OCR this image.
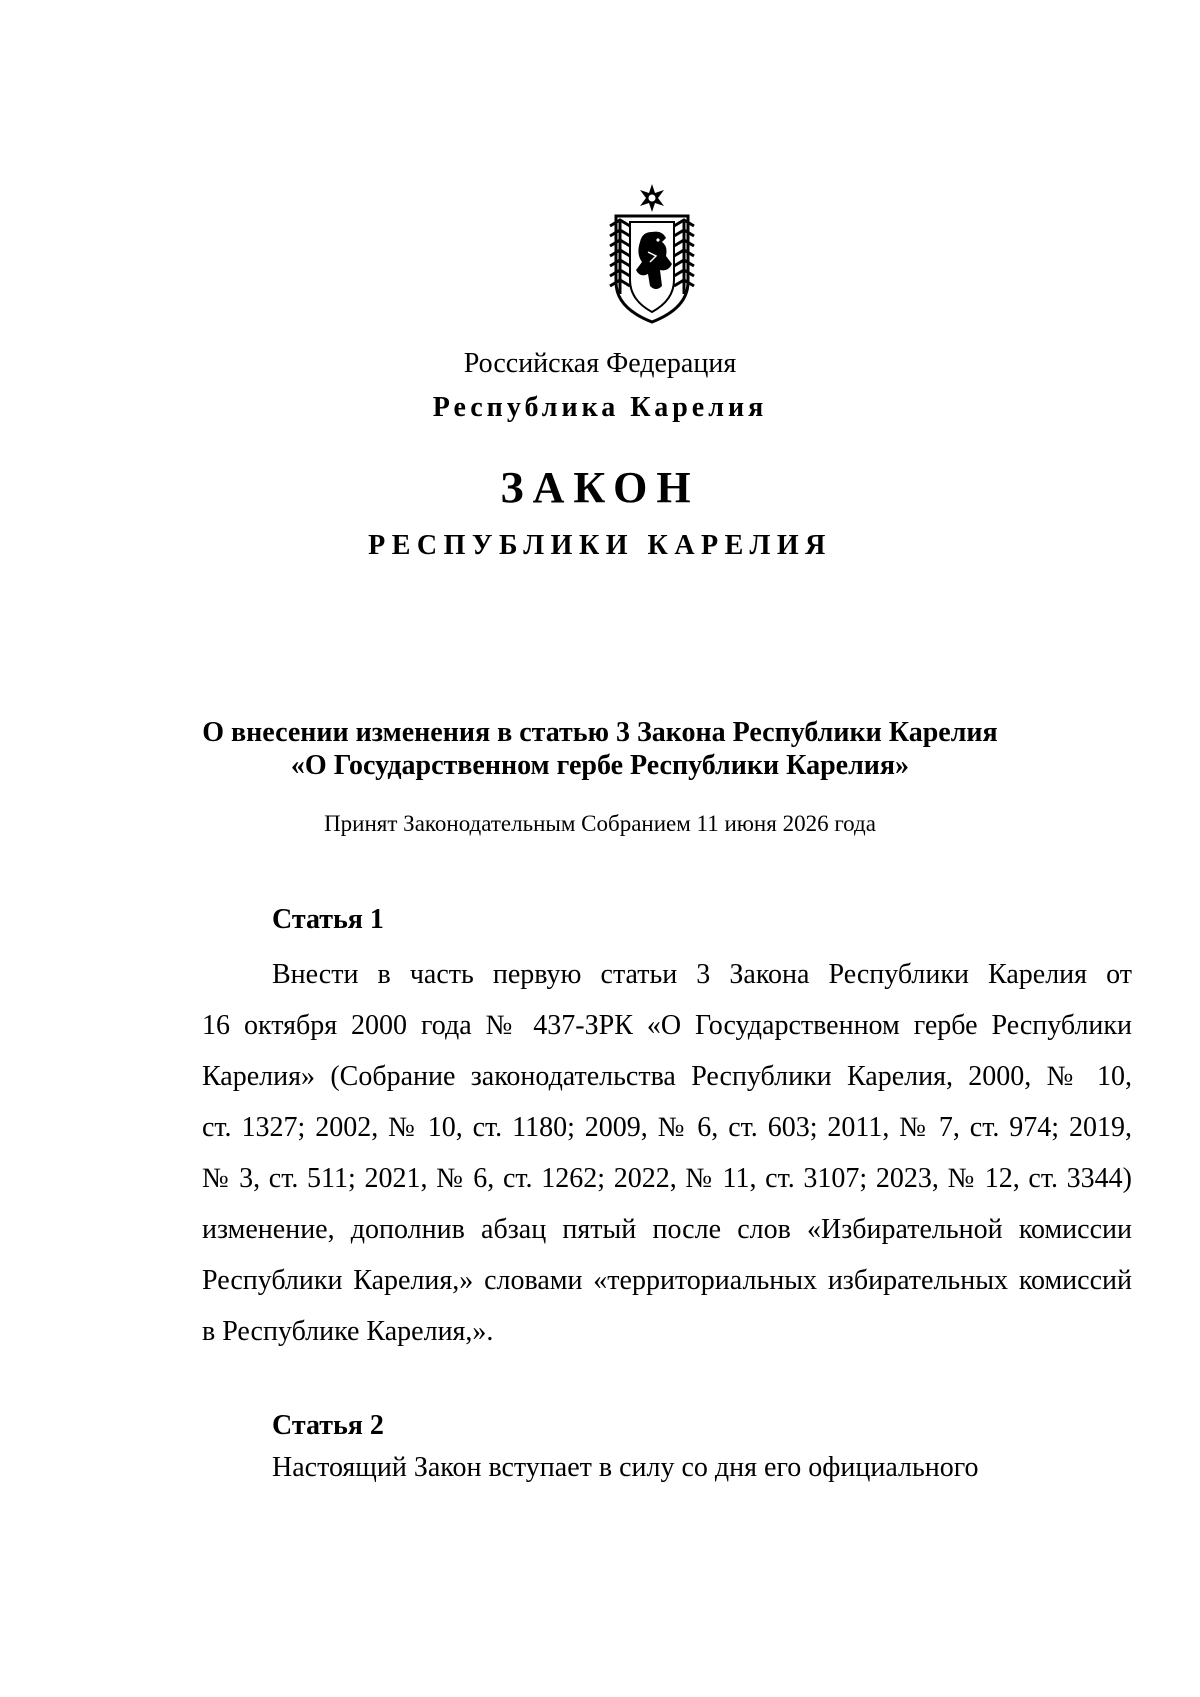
Российская Федерация
Республика Карелия
ЗАКОН
РЕСПУБЛИКИ КАРЕЛИЯ
О внесении изменения в статью 3 Закона Республики Карелия
«О Государственном гербе Республики Карелия»
Принят Законодательным Собранием 11 июня 2026 года
Статья 1
Внести в часть первую статьи 3 Закона Республики Карелия от
16 октября 2000 года № 437-ЗРК «О Государственном гербе Республики
Карелия» (Собрание законодательства Республики Карелия, 2000, № 10,
ст. 1327; 2002, № 10, ст. 1180; 2009, № 6, ст. 603; 2011, № 7, ст. 974; 2019,
№ 3, ст. 511; 2021, № 6, ст. 1262; 2022, № 11, ст. 3107; 2023, № 12, ст. 3344)
изменение, дополнив абзац пятый после слов «Избирательной комиссии
Республики Карелия,» словами «территориальных избирательных комиссий
в Республике Карелия,».
Статья 2
Настоящий Закон вступает в силу со дня его официального
